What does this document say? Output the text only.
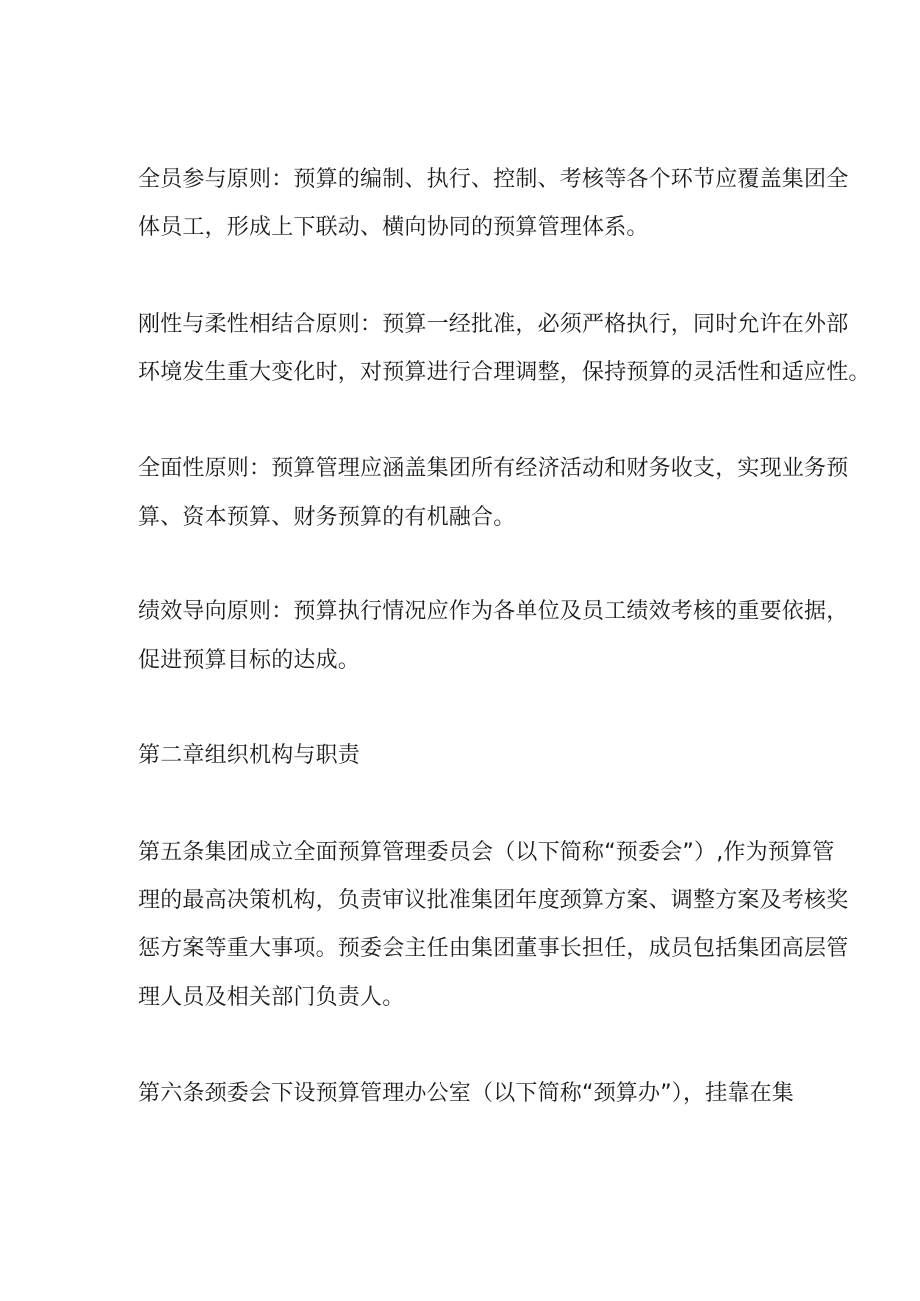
全员参与原则：预算的编制、执行、控制、考核等各个环节应覆盖集团全
体员工，形成上下联动、横向协同的预算管理体系。
刚性与柔性相结合原则：预算一经批准，必须严格执行，同时允许在外部
环境发生重大变化时，对预算进行合理调整，保持预算的灵活性和适应性。
全面性原则：预算管理应涵盖集团所有经济活动和财务收支，实现业务预
算、资本预算、财务预算的有机融合。
绩效导向原则：预算执行情况应作为各单位及员工绩效考核的重要依据，
促进预算目标的达成。
第二章组织机构与职责
第五条集团成立全面预算管理委员会（以下简称“预委会”）,作为预算管
理的最高决策机构，负责审议批准集团年度颈算方案、调整方案及考核奖
惩方案等重大事项。预委会主任由集团董事长担任，成员包括集团高层管
理人员及相关部门负责人。
第六条颈委会下设预算管理办公室（以下简称“颈算办”），挂靠在集
